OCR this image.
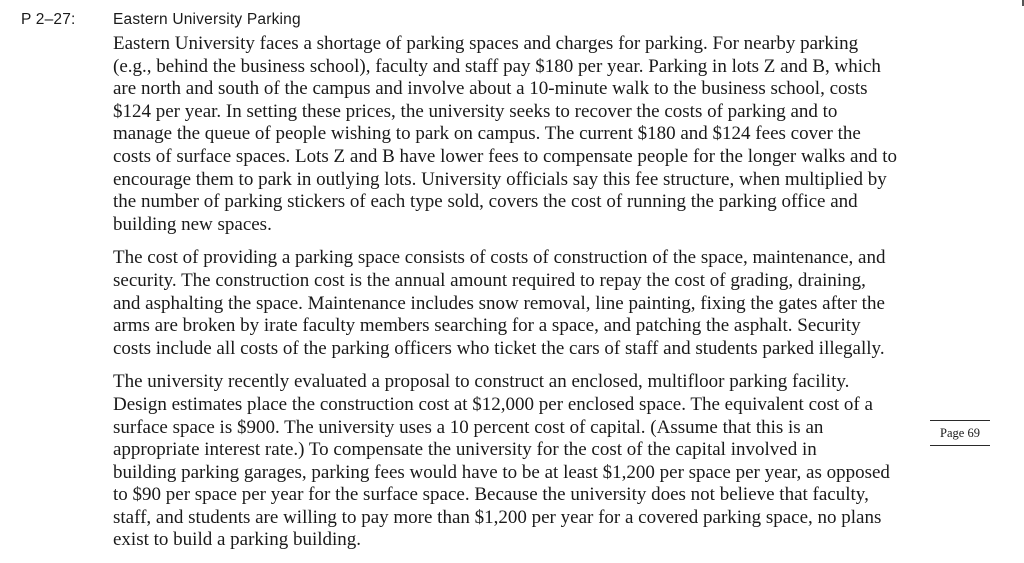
P 2–27: Eastern University Parking
Eastern University faces a shortage of parking spaces and charges for parking. For nearby parking
(e.g., behind the business school), faculty and staff pay $180 per year. Parking in lots Z and B, which
are north and south of the campus and involve about a 10-minute walk to the business school, costs
$124 per year. In setting these prices, the university seeks to recover the costs of parking and to
manage the queue of people wishing to park on campus. The current $180 and $124 fees cover the
costs of surface spaces. Lots Z and B have lower fees to compensate people for the longer walks and to
encourage them to park in outlying lots. University officials say this fee structure, when multiplied by
the number of parking stickers of each type sold, covers the cost of running the parking office and
building new spaces.
The cost of providing a parking space consists of costs of construction of the space, maintenance, and
security. The construction cost is the annual amount required to repay the cost of grading, draining,
and asphalting the space. Maintenance includes snow removal, line painting, fixing the gates after the
arms are broken by irate faculty members searching for a space, and patching the asphalt. Security
costs include all costs of the parking officers who ticket the cars of staff and students parked illegally.
The university recently evaluated a proposal to construct an enclosed, multifloor parking facility.
Design estimates place the construction cost at $12,000 per enclosed space. The equivalent cost of a
surface space is $900. The university uses a 10 percent cost of capital. (Assume that this is an
appropriate interest rate.) To compensate the university for the cost of the capital involved in
building parking garages, parking fees would have to be at least $1,200 per space per year, as opposed
to $90 per space per year for the surface space. Because the university does not believe that faculty,
staff, and students are willing to pay more than $1,200 per year for a covered parking space, no plans
exist to build a parking building.
Page 69
